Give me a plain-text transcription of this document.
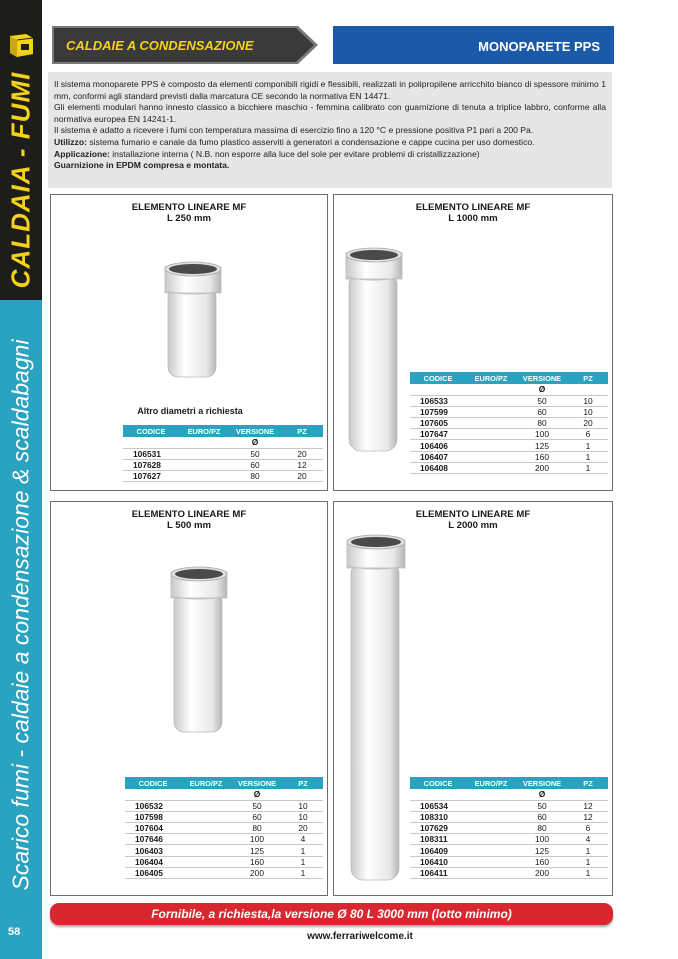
CALDAIA - FUMI
Scarico fumi - caldaie a condensazione & scaldabagni
58
CALDAIE A CONDENSAZIONE	MONOPARETE PPS

Il sistema monoparete PPS è composto da elementi componibili rigidi e flessibili, realizzati in polipropilene arricchito bianco di spessore minimo 1 mm, conformi agli standard previsti dalla marcatura CE secondo la normativa EN 14471.

Gli elementi modulari hanno innesto classico a bicchiere maschio - femmina calibrato con guarnizione di tenuta a triplice labbro, conforme alla normativa europea EN 14241-1.

Il sistema è adatto a ricevere i fumi con temperatura massima di esercizio fino a 120 °C e pressione positiva P1 pari a 200 Pa.

Utilizzo: sistema fumario e canale da fumo plastico asserviti a generatori a condensazione e cappe cucina per uso domestico.

Applicazione: installazione interna ( N.B. non esporre alla luce del sole per evitare problemi di cristallizzazione)

Guarnizione in EPDM compresa e montata.

ELEMENTO LINEARE MF
L 250 mm
Altro diametri a richiesta
CODICE	EURO/PZ	VERSIONE	PZ
		Ø	
106531		50	20
107628		60	12
107627		80	20
ELEMENTO LINEARE MF
L 1000 mm
CODICE	EURO/PZ	VERSIONE	PZ
		Ø	
106533		50	10
107599		60	10
107605		80	20
107647		100	6
106406		125	1
106407		160	1
106408		200	1
ELEMENTO LINEARE MF
L 500 mm
CODICE	EURO/PZ	VERSIONE	PZ
		Ø	
106532		50	10
107598		60	10
107604		80	20
107646		100	4
106403		125	1
106404		160	1
106405		200	1
ELEMENTO LINEARE MF
L 2000 mm
CODICE	EURO/PZ	VERSIONE	PZ
		Ø	
106534		50	12
108310		60	12
107629		80	6
108311		100	4
106409		125	1
106410		160	1
106411		200	1
Fornibile, a richiesta,la versione Ø 80 L 3000 mm (lotto minimo)
www.ferrariwelcome.it
